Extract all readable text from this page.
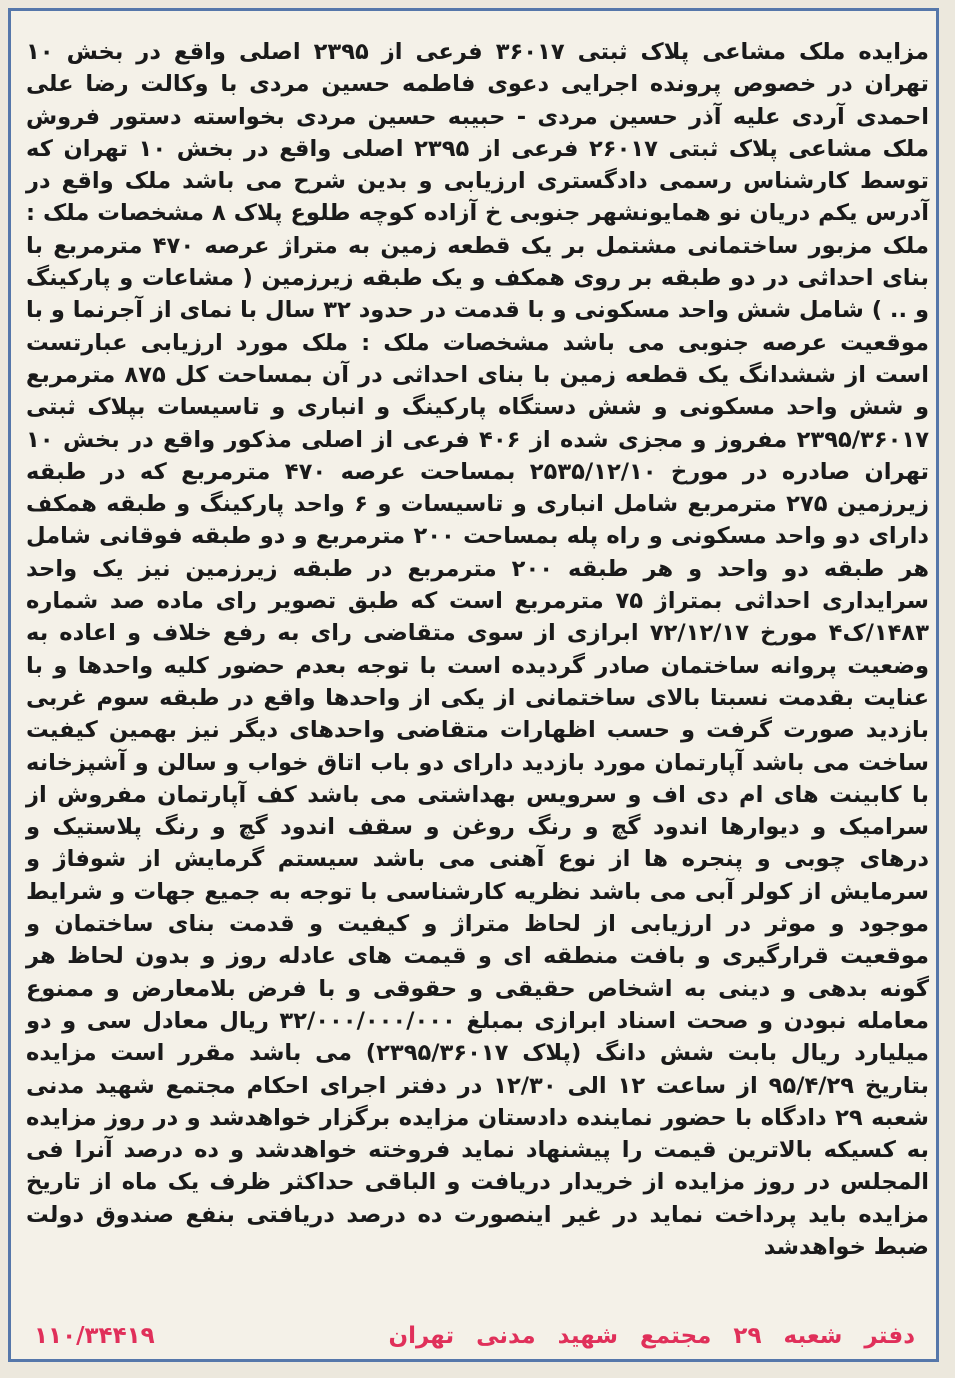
مزایده ملک مشاعی پلاک ثبتی ۳۶۰۱۷ فرعی از ۲۳۹۵ اصلی واقع در بخش ۱۰ تهران در خصوص پرونده اجرایی دعوی فاطمه حسین مردی با وکالت رضا علی احمدی آردی علیه آذر حسین مردی - حبیبه حسین مردی بخواسته دستور فروش ملک مشاعی پلاک ثبتی ۲۶۰۱۷ فرعی از ۲۳۹۵ اصلی واقع در بخش ۱۰ تهران که توسط کارشناس رسمی دادگستری ارزیابی و بدین شرح می باشد ملک واقع در آدرس یکم دریان نو همایونشهر جنوبی خ آزاده کوچه طلوع پلاک ۸ مشخصات ملک : ملک مزبور ساختمانی مشتمل بر یک قطعه زمین به متراژ عرصه ۴۷۰ مترمربع با بنای احداثی در دو طبقه بر روی همکف و یک طبقه زیرزمین ( مشاعات و پارکینگ و .. ) شامل شش واحد مسکونی و با قدمت در حدود ۳۲ سال با نمای از آجرنما و با موقعیت عرصه جنوبی می باشد مشخصات ملک : ملک مورد ارزیابی عبارتست است از ششدانگ یک قطعه زمین با بنای احداثی در آن بمساحت کل ۸۷۵ مترمربع و شش واحد مسکونی و شش دستگاه پارکینگ و انباری و تاسیسات بپلاک ثبتی ۲۳۹۵/۳۶۰۱۷ مفروز و مجزی شده از ۴۰۶ فرعی از اصلی مذکور واقع در بخش ۱۰ تهران صادره در مورخ ۲۵۳۵/۱۲/۱۰ بمساحت عرصه ۴۷۰ مترمربع که در طبقه زیرزمین ۲۷۵ مترمربع شامل انباری و تاسیسات و ۶ واحد پارکینگ و طبقه همکف دارای دو واحد مسکونی و راه پله بمساحت ۲۰۰ مترمربع و دو طبقه فوقانی شامل هر طبقه دو واحد و هر طبقه ۲۰۰ مترمربع در طبقه زیرزمین نیز یک واحد سرایداری احداثی بمتراژ ۷۵ مترمربع است که طبق تصویر رای ماده صد شماره ۱۴۸۳/ک۴ مورخ ۷۲/۱۲/۱۷ ابرازی از سوی متقاضی رای به رفع خلاف و اعاده به وضعیت پروانه ساختمان صادر گردیده است با توجه بعدم حضور کلیه واحدها و با عنایت بقدمت نسبتا بالای ساختمانی از یکی از واحدها واقع در طبقه سوم غربی بازدید صورت گرفت و حسب اظهارات متقاضی واحدهای دیگر نیز بهمین کیفیت ساخت می باشد آپارتمان مورد بازدید دارای دو باب اتاق خواب و سالن و آشپزخانه با کابینت های ام دی اف و سرویس بهداشتی می باشد کف آپارتمان مفروش از سرامیک و دیوارها اندود گچ و رنگ روغن و سقف اندود گچ و رنگ پلاستیک و درهای چوبی و پنجره ها از نوع آهنی می باشد سیستم گرمایش از شوفاژ و سرمایش از کولر آبی می باشد نظریه کارشناسی با توجه به جمیع جهات و شرایط موجود و موثر در ارزیابی از لحاظ متراژ و کیفیت و قدمت بنای ساختمان و موقعیت قرارگیری و بافت منطقه ای و قیمت های عادله روز و بدون لحاظ هر گونه بدهی و دینی به اشخاص حقیقی و حقوقی و با فرض بلامعارض و ممنوع معامله نبودن و صحت اسناد ابرازی بمبلغ ۳۲/۰۰۰/۰۰۰/۰۰۰ ریال معادل سی و دو میلیارد ریال بابت شش دانگ (پلاک ۲۳۹۵/۳۶۰۱۷) می باشد مقرر است مزایده بتاریخ ۹۵/۴/۲۹ از ساعت ۱۲ الی ۱۲/۳۰ در دفتر اجرای احکام مجتمع شهید مدنی شعبه ۲۹ دادگاه با حضور نماینده دادستان مزایده برگزار خواهدشد و در روز مزایده به کسیکه بالاترین قیمت را پیشنهاد نماید فروخته خواهدشد و ده درصد آنرا فی المجلس در روز مزایده از خریدار دریافت و الباقی حداکثر ظرف یک ماه از تاریخ مزایده باید پرداخت نماید در غیر اینصورت ده درصد دریافتی بنفع صندوق دولت ضبط خواهدشد

دفتر شعبه ۲۹ مجتمع شهید مدنی تهران
۱۱۰/۳۴۴۱۹
